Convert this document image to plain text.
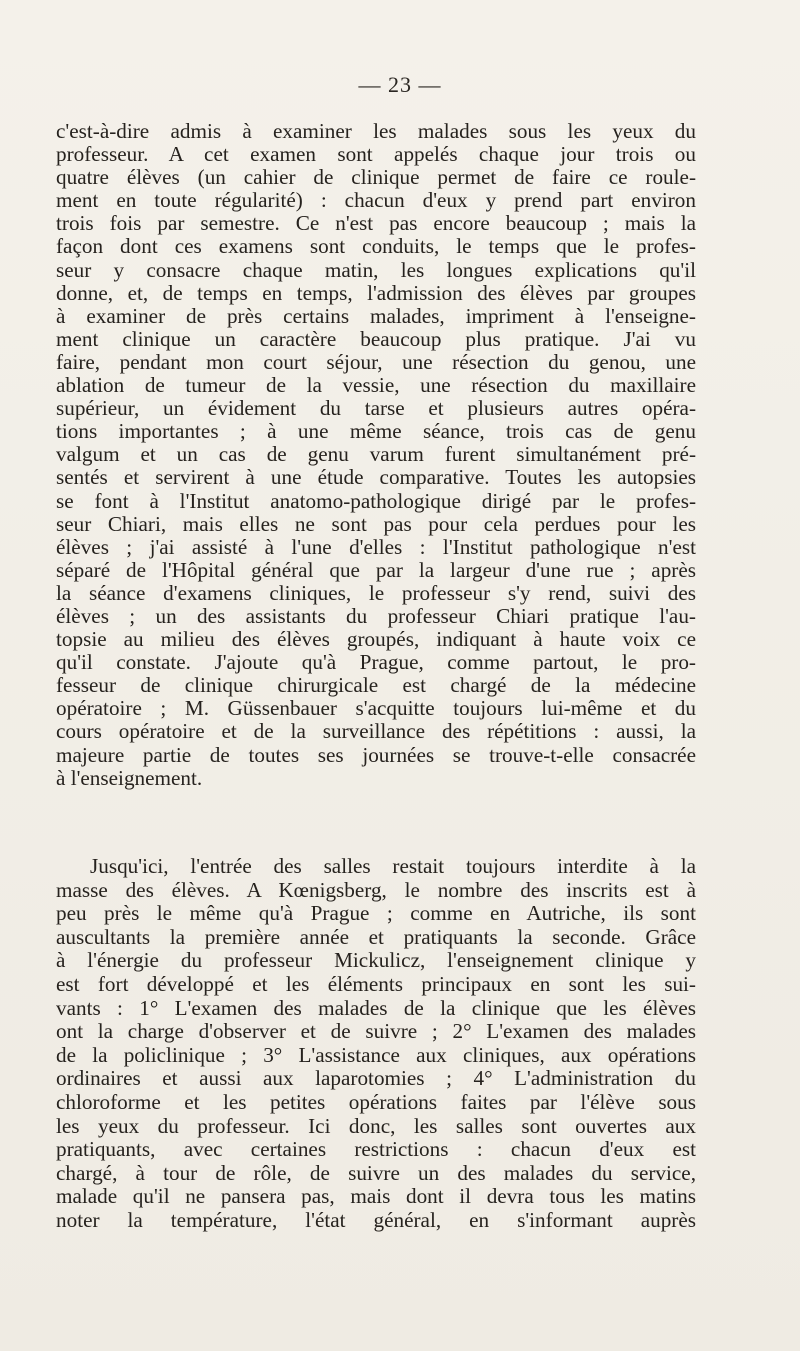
— 23 —
c'est-à-dire admis à examiner les malades sous les yeux du
professeur. A cet examen sont appelés chaque jour trois ou
quatre élèves (un cahier de clinique permet de faire ce roule-
ment en toute régularité) : chacun d'eux y prend part environ
trois fois par semestre. Ce n'est pas encore beaucoup ; mais la
façon dont ces examens sont conduits, le temps que le profes-
seur y consacre chaque matin, les longues explications qu'il
donne, et, de temps en temps, l'admission des élèves par groupes
à examiner de près certains malades, impriment à l'enseigne-
ment clinique un caractère beaucoup plus pratique. J'ai vu
faire, pendant mon court séjour, une résection du genou, une
ablation de tumeur de la vessie, une résection du maxillaire
supérieur, un évidement du tarse et plusieurs autres opéra-
tions importantes ; à une même séance, trois cas de genu
valgum et un cas de genu varum furent simultanément pré-
sentés et servirent à une étude comparative. Toutes les autopsies
se font à l'Institut anatomo-pathologique dirigé par le profes-
seur Chiari, mais elles ne sont pas pour cela perdues pour les
élèves ; j'ai assisté à l'une d'elles : l'Institut pathologique n'est
séparé de l'Hôpital général que par la largeur d'une rue ; après
la séance d'examens cliniques, le professeur s'y rend, suivi des
élèves ; un des assistants du professeur Chiari pratique l'au-
topsie au milieu des élèves groupés, indiquant à haute voix ce
qu'il constate. J'ajoute qu'à Prague, comme partout, le pro-
fesseur de clinique chirurgicale est chargé de la médecine
opératoire ; M. Güssenbauer s'acquitte toujours lui-même et du
cours opératoire et de la surveillance des répétitions : aussi, la
majeure partie de toutes ses journées se trouve-t-elle consacrée
à l'enseignement.
Jusqu'ici, l'entrée des salles restait toujours interdite à la
masse des élèves. A Kœnigsberg, le nombre des inscrits est à
peu près le même qu'à Prague ; comme en Autriche, ils sont
auscultants la première année et pratiquants la seconde. Grâce
à l'énergie du professeur Mickulicz, l'enseignement clinique y
est fort développé et les éléments principaux en sont les sui-
vants : 1° L'examen des malades de la clinique que les élèves
ont la charge d'observer et de suivre ; 2° L'examen des malades
de la policlinique ; 3° L'assistance aux cliniques, aux opérations
ordinaires et aussi aux laparotomies ; 4° L'administration du
chloroforme et les petites opérations faites par l'élève sous
les yeux du professeur. Ici donc, les salles sont ouvertes aux
pratiquants, avec certaines restrictions : chacun d'eux est
chargé, à tour de rôle, de suivre un des malades du service,
malade qu'il ne pansera pas, mais dont il devra tous les matins
noter la température, l'état général, en s'informant auprès
